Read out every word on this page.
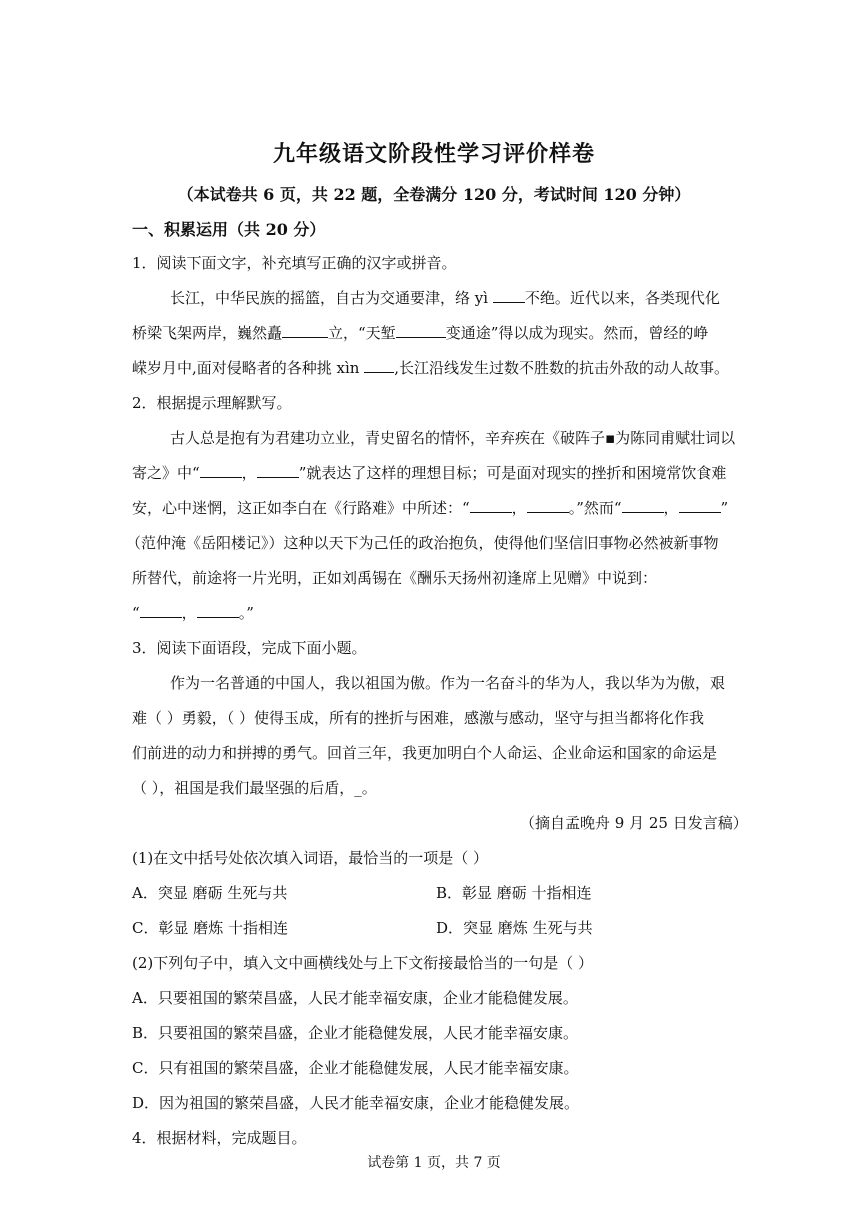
九年级语文阶段性学习评价样卷
（本试卷共 6 页，共 22 题，全卷满分 120 分，考试时间 120 分钟）
一、积累运用（共 20 分）
1．阅读下面文字，补充填写正确的汉字或拼音。
长江，中华民族的摇篮，自古为交通要津，络 yì 不绝。近代以来，各类现代化
桥梁飞架两岸，巍然矗	立，“天堑	变通途”得以成为现实。然而，曾经的峥
嵘岁月中,面对侵略者的各种挑 xìn ,长江沿线发生过数不胜数的抗击外敌的动人故事。
2．根据提示理解默写。
古人总是抱有为君建功立业，青史留名的情怀，辛弃疾在《破阵子▪为陈同甫赋壮词以
寄之》中“	，	”就表达了这样的理想目标；可是面对现实的挫折和困境常饮食难
安，心中迷惘，这正如李白在《行路难》中所述：“	，	。”然而“	，	”
（范仲淹《岳阳楼记》）这种以天下为己任的政治抱负，使得他们坚信旧事物必然被新事物
所替代，前途将一片光明，正如刘禹锡在《酬乐天扬州初逢席上见赠》中说到：
“	，	。”
3．阅读下面语段，完成下面小题。
作为一名普通的中国人，我以祖国为傲。作为一名奋斗的华为人，我以华为为傲，艰
难（ ）勇毅，（ ）使得玉成，所有的挫折与困难，感激与感动，坚守与担当都将化作我
们前进的动力和拼搏的勇气。回首三年，我更加明白个人命运、企业命运和国家的命运是
（ ），祖国是我们最坚强的后盾，_。
（摘自孟晚舟 9 月 25 日发言稿）
(1)在文中括号处依次填入词语，最恰当的一项是（ ）
A．突显 磨砺 生死与共	B．彰显 磨砺 十指相连
C．彰显 磨炼 十指相连	D．突显 磨炼 生死与共
(2)下列句子中，填入文中画横线处与上下文衔接最恰当的一句是（ ）
A．只要祖国的繁荣昌盛，人民才能幸福安康，企业才能稳健发展。
B．只要祖国的繁荣昌盛，企业才能稳健发展，人民才能幸福安康。
C．只有祖国的繁荣昌盛，企业才能稳健发展，人民才能幸福安康。
D．因为祖国的繁荣昌盛，人民才能幸福安康，企业才能稳健发展。
4．根据材料，完成题目。
试卷第 1 页，共 7 页
